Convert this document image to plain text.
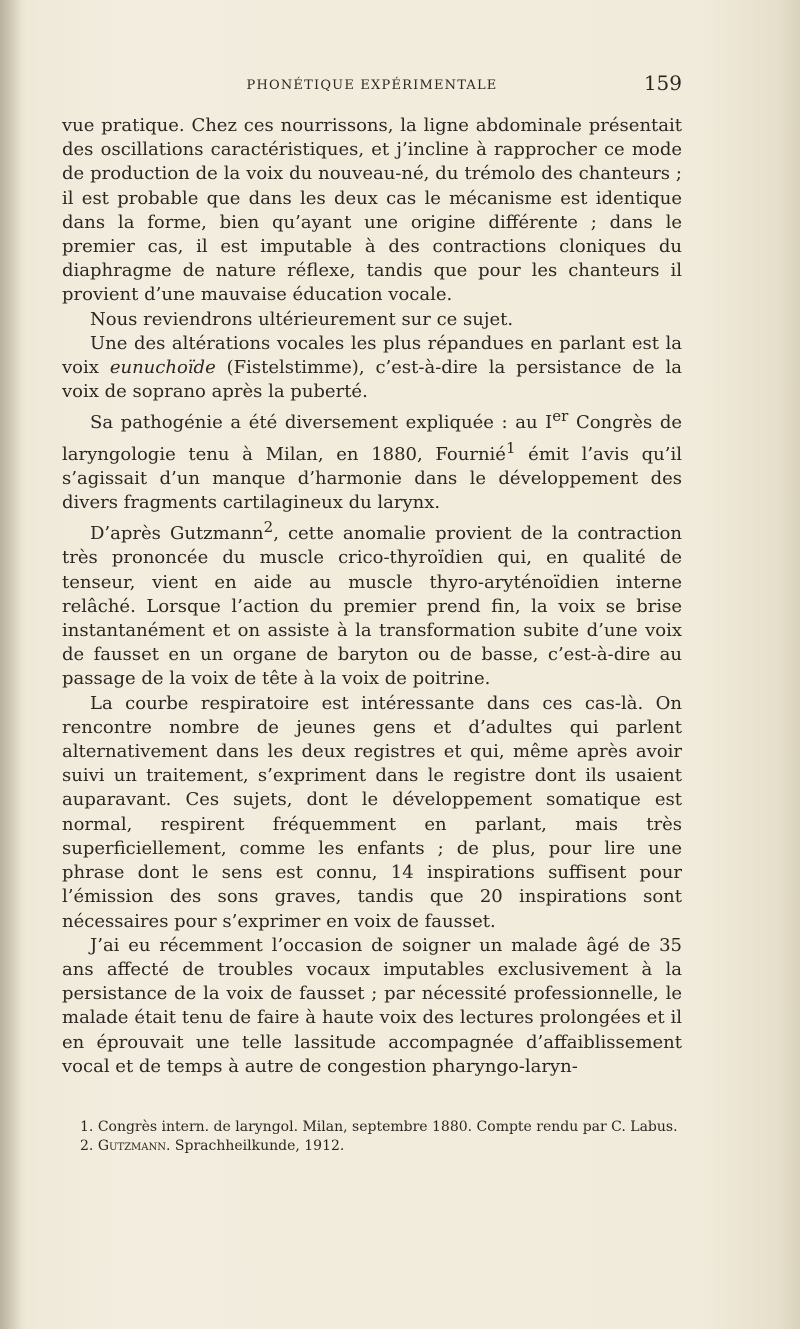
PHONÉTIQUE EXPÉRIMENTALE	159

vue pratique. Chez ces nourrissons, la ligne abdominale présentait des oscillations caractéristiques, et j’incline à rapprocher ce mode de production de la voix du nouveau-né, du trémolo des chanteurs ; il est probable que dans les deux cas le mécanisme est identique dans la forme, bien qu’ayant une origine différente ; dans le premier cas, il est imputable à des contractions cloniques du diaphragme de nature réflexe, tandis que pour les chanteurs il provient d’une mauvaise éducation vocale.

Nous reviendrons ultérieurement sur ce sujet.

Une des altérations vocales les plus répandues en parlant est la voix eunuchoïde (Fistelstimme), c’est-à-dire la persistance de la voix de soprano après la puberté.

Sa pathogénie a été diversement expliquée : au Ier Congrès de laryngologie tenu à Milan, en 1880, Fournié$^1$ émit l’avis qu’il s’agissait d’un manque d’harmonie dans le développement des divers fragments cartilagineux du larynx.

D’après Gutzmann$^2$, cette anomalie provient de la contraction très prononcée du muscle crico-thyroïdien qui, en qualité de tenseur, vient en aide au muscle thyro-aryténoïdien interne relâché. Lorsque l’action du premier prend fin, la voix se brise instantanément et on assiste à la transformation subite d’une voix de fausset en un organe de baryton ou de basse, c’est-à-dire au passage de la voix de tête à la voix de poitrine.

La courbe respiratoire est intéressante dans ces cas-là. On rencontre nombre de jeunes gens et d’adultes qui parlent alternativement dans les deux registres et qui, même après avoir suivi un traitement, s’expriment dans le registre dont ils usaient auparavant. Ces sujets, dont le développement somatique est normal, respirent fréquemment en parlant, mais très superficiellement, comme les enfants ; de plus, pour lire une phrase dont le sens est connu, 14 inspirations suffisent pour l’émission des sons graves, tandis que 20 inspirations sont nécessaires pour s’exprimer en voix de fausset.

J’ai eu récemment l’occasion de soigner un malade âgé de 35 ans affecté de troubles vocaux imputables exclusivement à la persistance de la voix de fausset ; par nécessité professionnelle, le malade était tenu de faire à haute voix des lectures prolongées et il en éprouvait une telle lassitude accompagnée d’affaiblissement vocal et de temps à autre de congestion pharyngo-laryn-

1. Congrès intern. de laryngol. Milan, septembre 1880. Compte rendu par C. Labus.

2. Gutzmann. Sprachheilkunde, 1912.
